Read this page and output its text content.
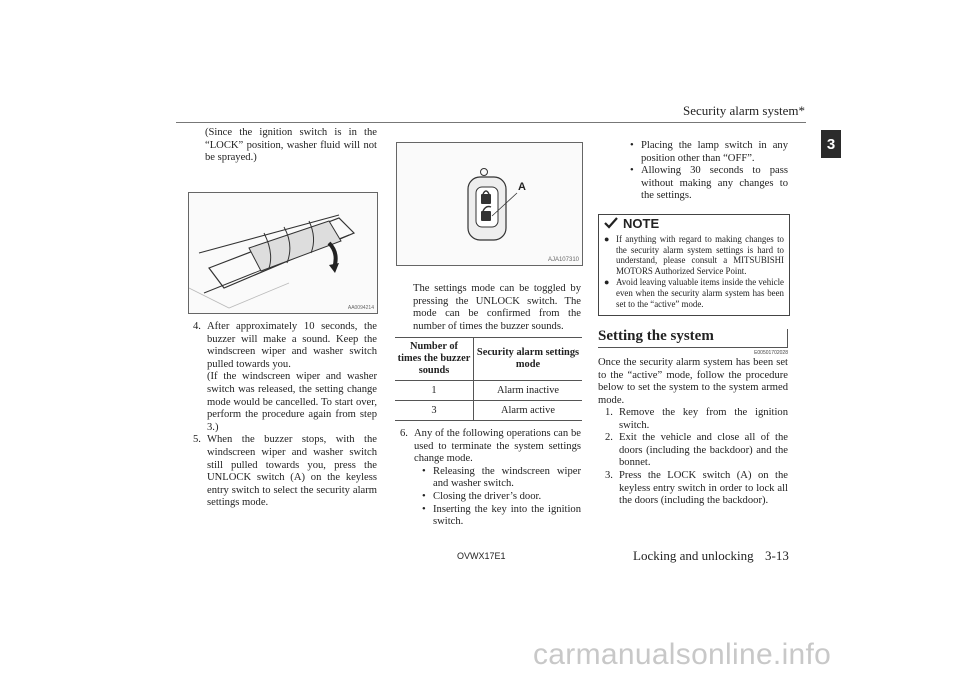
Security alarm system*
3

(Since the ignition switch is in the “LOCK” position, washer fluid will not be sprayed.)

AA0094214
4. After approximately 10 seconds, the buzzer will make a sound. Keep the windscreen wiper and washer switch pulled towards you.
(If the windscreen wiper and washer switch was released, the setting change mode would be cancelled. To start over, perform the procedure again from step 3.)
5. When the buzzer stops, with the windscreen wiper and washer switch still pulled towards you, press the UNLOCK switch (A) on the keyless entry switch to select the security alarm settings mode.
A
AJA107310

The settings mode can be toggled by pressing the UNLOCK switch. The mode can be confirmed from the number of times the buzzer sounds.

Number of times the buzzer sounds	Security alarm settings mode
1	Alarm inactive
3	Alarm active
6. Any of the following operations can be used to terminate the system settings change mode.
• Releasing the windscreen wiper and washer switch.
• Closing the driver’s door.
• Inserting the key into the ignition switch.
• Placing the lamp switch in any position other than “OFF”.
• Allowing 30 seconds to pass without making any changes to the settings.
NOTE
● If anything with regard to making changes to the security alarm system settings is hard to understand, please consult a MITSUBISHI MOTORS Authorized Service Point.
● Avoid leaving valuable items inside the vehicle even when the security alarm system has been set to the “active” mode.
Setting the system
E00501702028

Once the security alarm system has been set to the “active” mode, follow the procedure below to set the system to the system armed mode.

1. Remove the key from the ignition switch.
2. Exit the vehicle and close all of the doors (including the backdoor) and the bonnet.
3. Press the LOCK switch (A) on the keyless entry switch in order to lock all the doors (including the backdoor).
OVWX17E1	Locking and unlocking 3-13
carmanualsonline.info
